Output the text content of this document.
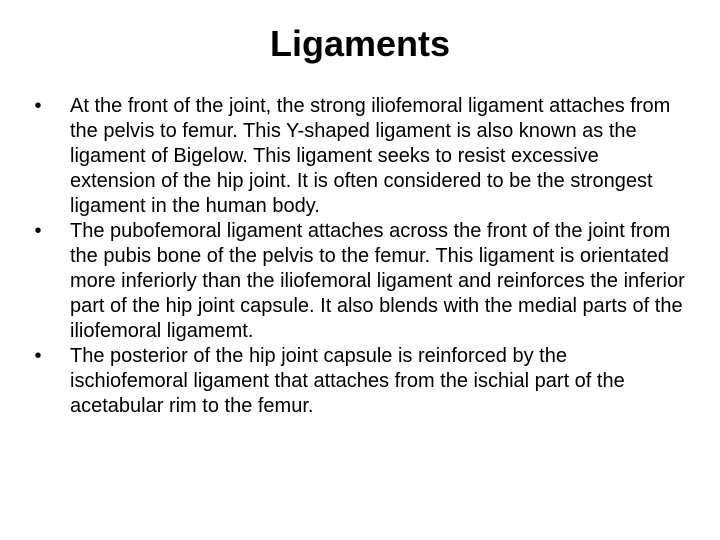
Ligaments
• At the front of the joint, the strong iliofemoral ligament attaches from the pelvis to femur. This Y-shaped ligament is also known as the ligament of Bigelow. This ligament seeks to resist excessive extension of the hip joint. It is often considered to be the strongest ligament in the human body.
• The pubofemoral ligament attaches across the front of the joint from the pubis bone of the pelvis to the femur. This ligament is orientated more inferiorly than the iliofemoral ligament and reinforces the inferior part of the hip joint capsule. It also blends with the medial parts of the iliofemoral ligamemt.
• The posterior of the hip joint capsule is reinforced by the ischiofemoral ligament that attaches from the ischial part of the acetabular rim to the femur.
